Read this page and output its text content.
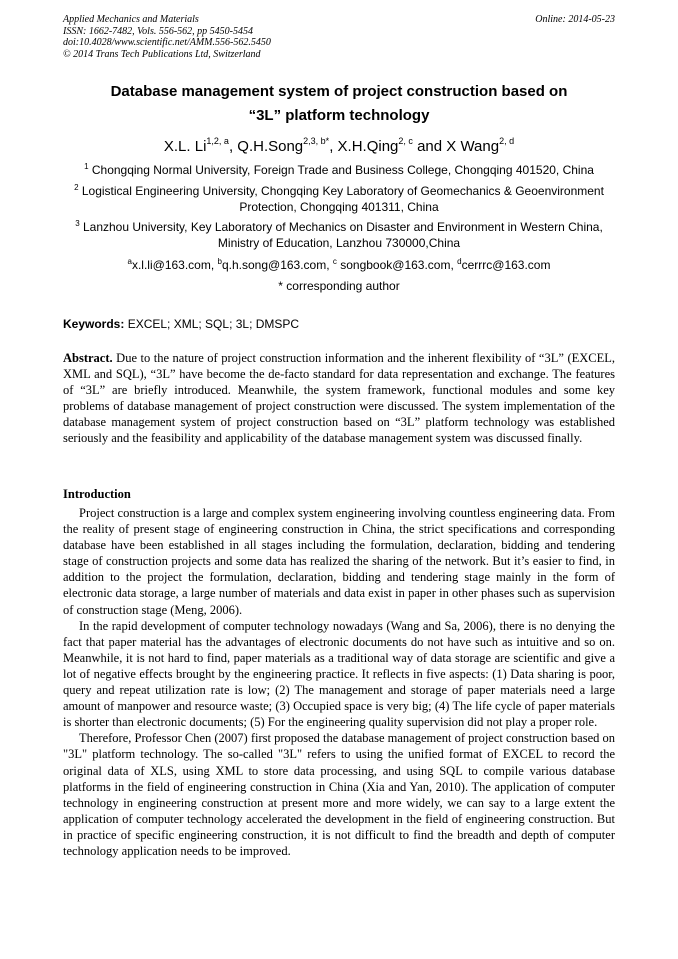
Applied Mechanics and Materials
ISSN: 1662-7482, Vols. 556-562, pp 5450-5454
doi:10.4028/www.scientific.net/AMM.556-562.5450
© 2014 Trans Tech Publications Ltd, Switzerland
Online: 2014-05-23
Database management system of project construction based on
“3L” platform technology
X.L. Li$^{1,2, a}$, Q.H.Song$^{2,3, b*}$, X.H.Qing$^{2, c}$ and X Wang$^{2, d}$
$^1$ Chongqing Normal University, Foreign Trade and Business College, Chongqing 401520, China
$^2$ Logistical Engineering University, Chongqing Key Laboratory of Geomechanics & Geoenvironment Protection, Chongqing 401311, China
$^3$ Lanzhou University, Key Laboratory of Mechanics on Disaster and Environment in Western China, Ministry of Education, Lanzhou 730000,China
$^a$x.l.li@163.com, $^b$q.h.song@163.com, $^c$ songbook@163.com, $^d$cerrrc@163.com
* corresponding author
Keywords: EXCEL; XML; SQL; 3L; DMSPC

Abstract. Due to the nature of project construction information and the inherent flexibility of “3L” (EXCEL, XML and SQL), “3L” have become the de-facto standard for data representation and exchange. The features of “3L” are briefly introduced. Meanwhile, the system framework, functional modules and some key problems of database management of project construction were discussed. The system implementation of the database management system of project construction based on “3L” platform technology was established seriously and the feasibility and applicability of the database management system was discussed finally.

Introduction

Project construction is a large and complex system engineering involving countless engineering data. From the reality of present stage of engineering construction in China, the strict specifications and corresponding database have been established in all stages including the formulation, declaration, bidding and tendering stage of construction projects and some data has realized the sharing of the network. But it’s easier to find, in addition to the project the formulation, declaration, bidding and tendering stage mainly in the form of electronic data storage, a large number of materials and data exist in paper in other phases such as supervision of construction stage (Meng, 2006).

In the rapid development of computer technology nowadays (Wang and Sa, 2006), there is no denying the fact that paper material has the advantages of electronic documents do not have such as intuitive and so on. Meanwhile, it is not hard to find, paper materials as a traditional way of data storage are scientific and give a lot of negative effects brought by the engineering practice. It reflects in five aspects: (1) Data sharing is poor, query and repeat utilization rate is low; (2) The management and storage of paper materials need a large amount of manpower and resource waste; (3) Occupied space is very big; (4) The life cycle of paper materials is shorter than electronic documents; (5) For the engineering quality supervision did not play a proper role.

Therefore, Professor Chen (2007) first proposed the database management of project construction based on "3L" platform technology. The so-called "3L" refers to using the unified format of EXCEL to record the original data of XLS, using XML to store data processing, and using SQL to compile various database platforms in the field of engineering construction in China (Xia and Yan, 2010). The application of computer technology in engineering construction at present more and more widely, we can say to a large extent the application of computer technology accelerated the development in the field of engineering construction. But in practice of specific engineering construction, it is not difficult to find the breadth and depth of computer technology application needs to be improved.
